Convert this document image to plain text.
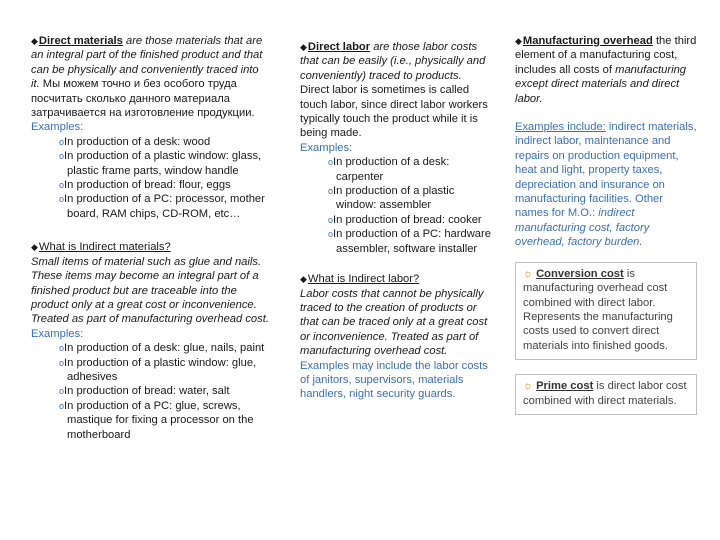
◆Direct materials are those materials that are an integral part of the finished product and that can be physically and conveniently traced into it. Мы можем точно и без особого труда посчитать сколько данного материала затрачивается на изготовление продукции.

Examples:
oIn production of a desk: wood
oIn production of a plastic window: glass, plastic frame parts, window handle
oIn production of bread: flour, eggs
oIn production of a PC: processor, mother board, RAM chips, CD-ROM, etc…

◆What is Indirect materials?

Small items of material such as glue and nails. These items may become an integral part of a finished product but are traceable into the product only at a great cost or inconvenience. Treated as part of manufacturing overhead cost.

Examples:
oIn production of a desk: glue, nails, paint
oIn production of a plastic window: glue, adhesives
oIn production of bread: water, salt
oIn production of a PC: glue, screws, mastique for fixing a processor on the motherboard

◆Direct labor are those labor costs that can be easily (i.e., physically and conveniently) traced to products. Direct labor is sometimes is called touch labor, since direct labor workers typically touch the product while it is being made.

Examples:
oIn production of a desk: carpenter
oIn production of a plastic window: assembler
oIn production of bread: cooker
oIn production of a PC: hardware assembler, software installer

◆What is Indirect labor?

Labor costs that cannot be physically traced to the creation of products or that can be traced only at a great cost or inconvenience. Treated as part of manufacturing overhead cost. Examples may include the labor costs of janitors, supervisors, materials handlers, night security guards.

◆Manufacturing overhead the third element of a manufacturing cost, includes all costs of manufacturing except direct materials and direct labor.

Examples include: indirect materials, indirect labor, maintenance and repairs on production equipment, heat and light, property taxes, depreciation and insurance on manufacturing facilities. Other names for M.O.: indirect manufacturing cost, factory overhead, factory burden.

☼ Conversion cost is manufacturing overhead cost combined with direct labor. Represents the manufacturing costs used to convert direct materials into finished goods.
☼ Prime cost is direct labor cost combined with direct materials.
